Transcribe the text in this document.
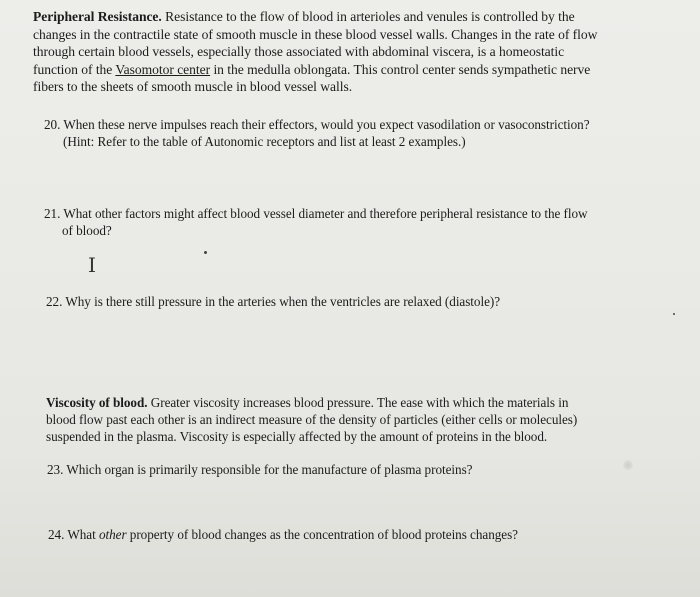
Peripheral Resistance. Resistance to the flow of blood in arterioles and venules is controlled by the
changes in the contractile state of smooth muscle in these blood vessel walls. Changes in the rate of flow
through certain blood vessels, especially those associated with abdominal viscera, is a homeostatic
function of the Vasomotor center in the medulla oblongata. This control center sends sympathetic nerve
fibers to the sheets of smooth muscle in blood vessel walls.
20. When these nerve impulses reach their effectors, would you expect vasodilation or vasoconstriction?
(Hint: Refer to the table of Autonomic receptors and list at least 2 examples.)
21. What other factors might affect blood vessel diameter and therefore peripheral resistance to the flow
of blood?
I
22. Why is there still pressure in the arteries when the ventricles are relaxed (diastole)?
Viscosity of blood. Greater viscosity increases blood pressure. The ease with which the materials in
blood flow past each other is an indirect measure of the density of particles (either cells or molecules)
suspended in the plasma. Viscosity is especially affected by the amount of proteins in the blood.
23. Which organ is primarily responsible for the manufacture of plasma proteins?
24. What other property of blood changes as the concentration of blood proteins changes?
